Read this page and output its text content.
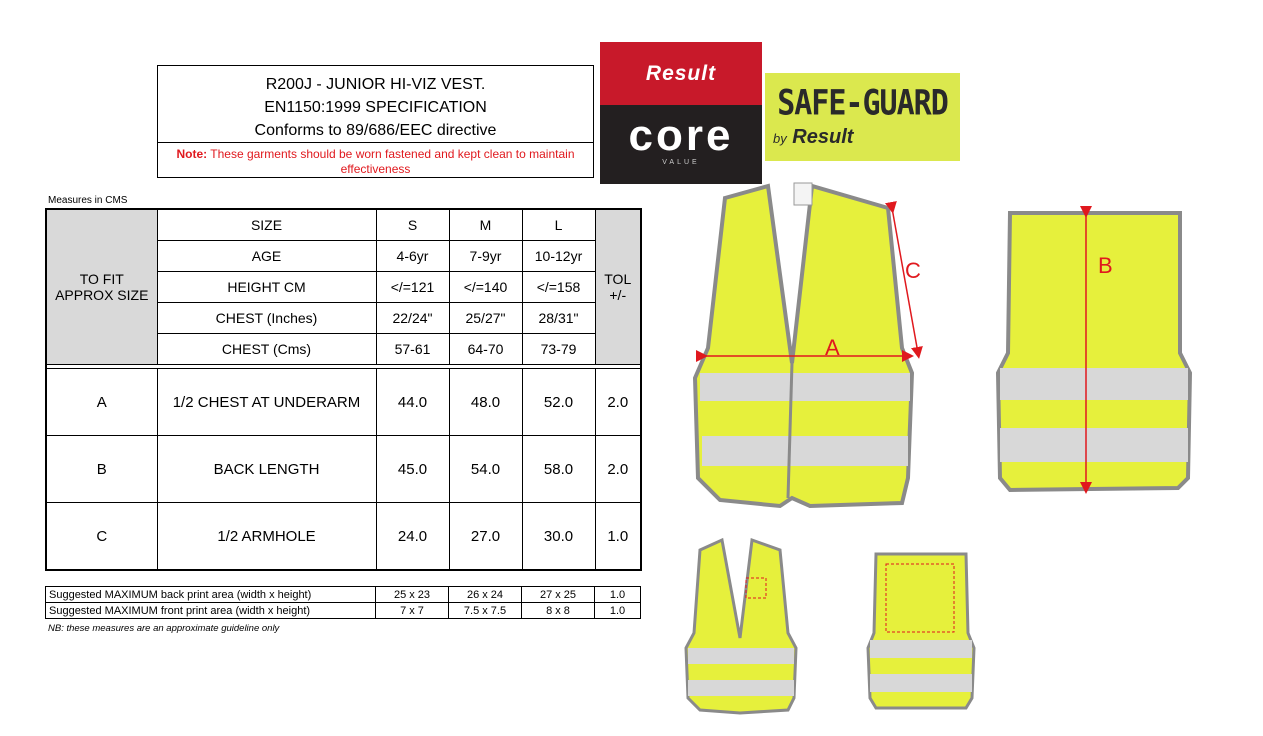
R200J - JUNIOR HI-VIZ VEST.
EN1150:1999 SPECIFICATION
Conforms to 89/686/EEC directive
Note: These garments should be worn fastened and kept clean to maintain effectiveness
Result
core
VALUE
SAFE-GUARD
by Result
Measures in CMS
TO FIT
APPROX SIZE	SIZE	S	M	L	TOL
+/-
	AGE	4-6yr	7-9yr	10-12yr	
	HEIGHT CM	</=121	</=140	</=158	
	CHEST (Inches)	22/24"	25/27"	28/31"	
	CHEST (Cms)	57-61	64-70	73-79	

A	1/2 CHEST AT UNDERARM	44.0	48.0	52.0	2.0
B	BACK LENGTH	45.0	54.0	58.0	2.0
C	1/2 ARMHOLE	24.0	27.0	30.0	1.0
Suggested MAXIMUM back print area (width x height)	25 x 23	26 x 24	27 x 25	1.0
Suggested MAXIMUM front print area (width x height)	7 x 7	7.5 x 7.5	8 x 8	1.0
NB: these measures are an approximate guideline only
A
C	B
